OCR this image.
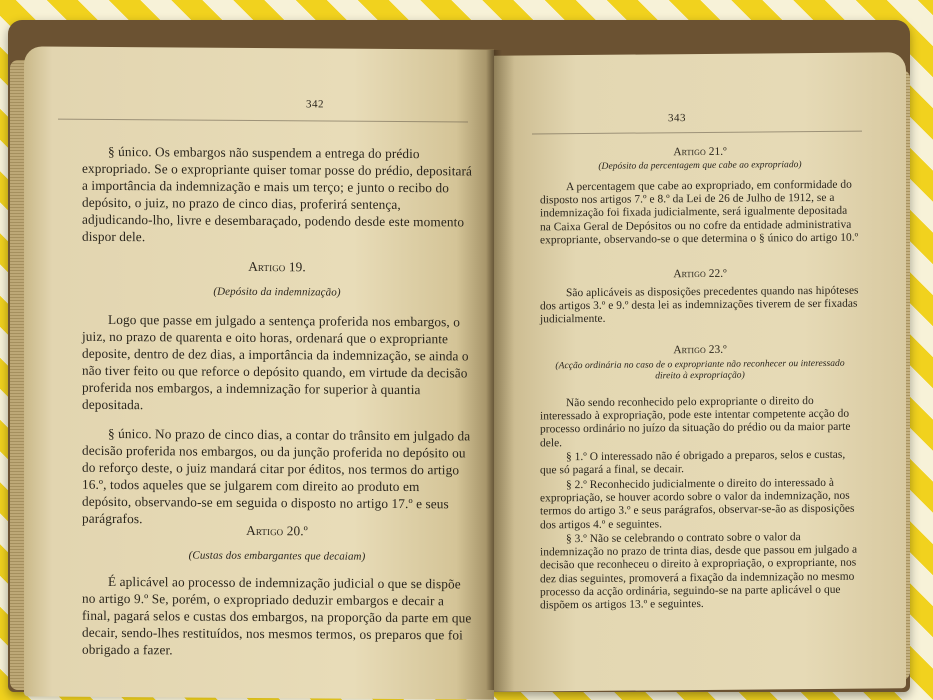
342

§ único. Os embargos não suspendem a entrega do prédio expropriado. Se o expropriante quiser tomar posse do prédio, depositará a importância da indemnização e mais um terço; e junto o recibo do depósito, o juiz, no prazo de cinco dias, proferirá sentença, adjudicando-lho, livre e desembaraçado, podendo desde este momento dispor dele.

Artigo 19.

(Depósito da indemnização)

Logo que passe em julgado a sentença proferida nos embargos, o juiz, no prazo de quarenta e oito horas, ordenará que o expropriante deposite, dentro de dez dias, a importância da indemnização, se ainda o não tiver feito ou que reforce o depósito quando, em virtude da decisão proferida nos embargos, a indemnização for superior à quantia depositada.

§ único. No prazo de cinco dias, a contar do trânsito em julgado da decisão proferida nos embargos, ou da junção proferida no depósito ou do reforço deste, o juiz mandará citar por éditos, nos termos do artigo 16.º, todos aqueles que se julgarem com direito ao produto em depósito, observando-se em seguida o disposto no artigo 17.º e seus parágrafos.

Artigo 20.º

(Custas dos embargantes que decaiam)

É aplicável ao processo de indemnização judicial o que se dispõe no artigo 9.º Se, porém, o expropriado deduzir embargos e decair a final, pagará selos e custas dos embargos, na proporção da parte em que decair, sendo-lhes restituídos, nos mesmos termos, os preparos que foi obrigado a fazer.

343

Artigo 21.º

(Depósito da percentagem que cabe ao expropriado)

A percentagem que cabe ao expropriado, em conformidade do disposto nos artigos 7.º e 8.º da Lei de 26 de Julho de 1912, se a indemnização foi fixada judicialmente, será igualmente depositada na Caixa Geral de Depósitos ou no cofre da entidade administrativa expropriante, observando-se o que determina o § único do artigo 10.º

Artigo 22.º

São aplicáveis as disposições precedentes quando nas hipóteses dos artigos 3.º e 9.º desta lei as indemnizações tiverem de ser fixadas judicialmente.

Artigo 23.º

(Acção ordinária no caso de o expropriante não reconhecer ou interessado direito à expropriação)

Não sendo reconhecido pelo expropriante o direito do interessado à expropriação, pode este intentar competente acção do processo ordinário no juízo da situação do prédio ou da maior parte dele.

§ 1.º O interessado não é obrigado a preparos, selos e custas, que só pagará a final, se decair.

§ 2.º Reconhecido judicialmente o direito do interessado à expropriação, se houver acordo sobre o valor da indemnização, nos termos do artigo 3.º e seus parágrafos, observar-se-ão as disposições dos artigos 4.º e seguintes.

§ 3.º Não se celebrando o contrato sobre o valor da indemnização no prazo de trinta dias, desde que passou em julgado a decisão que reconheceu o direito à expropriação, o expropriante, nos dez dias seguintes, promoverá a fixação da indemnização no mesmo processo da acção ordinária, seguindo-se na parte aplicável o que dispõem os artigos 13.º e seguintes.
